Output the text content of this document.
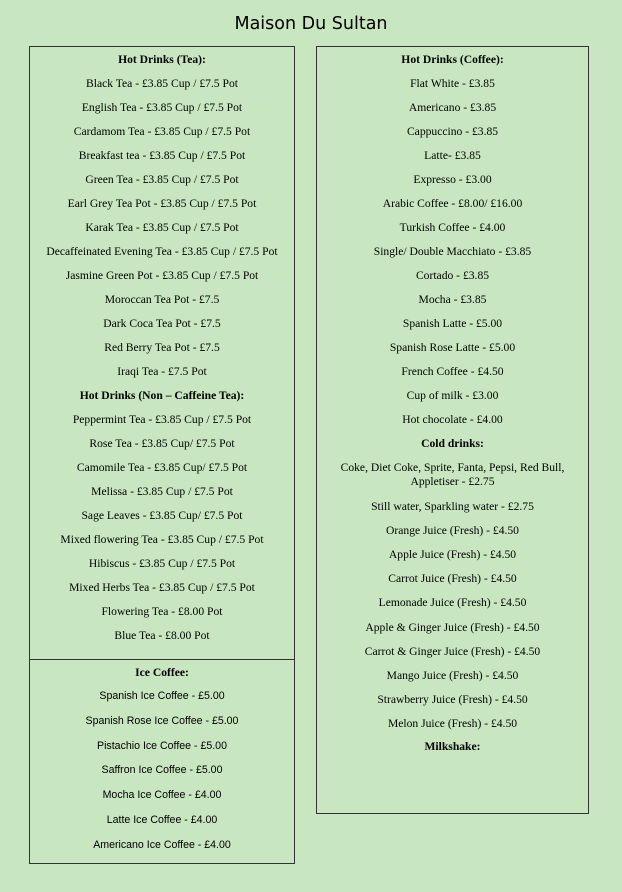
Maison Du Sultan
Hot Drinks (Tea):
Black Tea - £3.85 Cup / £7.5 Pot
English Tea - £3.85 Cup / £7.5 Pot
Cardamom Tea - £3.85 Cup / £7.5 Pot
Breakfast tea - £3.85 Cup / £7.5 Pot
Green Tea - £3.85 Cup / £7.5 Pot
Earl Grey Tea Pot - £3.85 Cup / £7.5 Pot
Karak Tea - £3.85 Cup / £7.5 Pot
Decaffeinated Evening Tea - £3.85 Cup / £7.5 Pot
Jasmine Green Pot - £3.85 Cup / £7.5 Pot
Moroccan Tea Pot - £7.5
Dark Coca Tea Pot - £7.5
Red Berry Tea Pot - £7.5
Iraqi Tea - £7.5 Pot
Hot Drinks (Non – Caffeine Tea):
Peppermint Tea - £3.85 Cup / £7.5 Pot
Rose Tea - £3.85 Cup/ £7.5 Pot
Camomile Tea - £3.85 Cup/ £7.5 Pot
Melissa - £3.85 Cup / £7.5 Pot
Sage Leaves - £3.85 Cup/ £7.5 Pot
Mixed flowering Tea - £3.85 Cup / £7.5 Pot
Hibiscus - £3.85 Cup / £7.5 Pot
Mixed Herbs Tea - £3.85 Cup / £7.5 Pot
Flowering Tea - £8.00 Pot
Blue Tea - £8.00 Pot
Ice Coffee:
Spanish Ice Coffee - £5.00
Spanish Rose Ice Coffee - £5.00
Pistachio Ice Coffee - £5.00
Saffron Ice Coffee - £5.00
Mocha Ice Coffee - £4.00
Latte Ice Coffee - £4.00
Americano Ice Coffee - £4.00
Hot Drinks (Coffee):
Flat White - £3.85
Americano - £3.85
Cappuccino - £3.85
Latte- £3.85
Expresso - £3.00
Arabic Coffee - £8.00/ £16.00
Turkish Coffee - £4.00
Single/ Double Macchiato - £3.85
Cortado - £3.85
Mocha - £3.85
Spanish Latte - £5.00
Spanish Rose Latte - £5.00
French Coffee - £4.50
Cup of milk - £3.00
Hot chocolate - £4.00
Cold drinks:
Coke, Diet Coke, Sprite, Fanta, Pepsi, Red Bull, Appletiser - £2.75
Still water, Sparkling water - £2.75
Orange Juice (Fresh) - £4.50
Apple Juice (Fresh) - £4.50
Carrot Juice (Fresh) - £4.50
Lemonade Juice (Fresh) - £4.50
Apple & Ginger Juice (Fresh) - £4.50
Carrot & Ginger Juice (Fresh) - £4.50
Mango Juice (Fresh) - £4.50
Strawberry Juice (Fresh) - £4.50
Melon Juice (Fresh) - £4.50
Milkshake:
